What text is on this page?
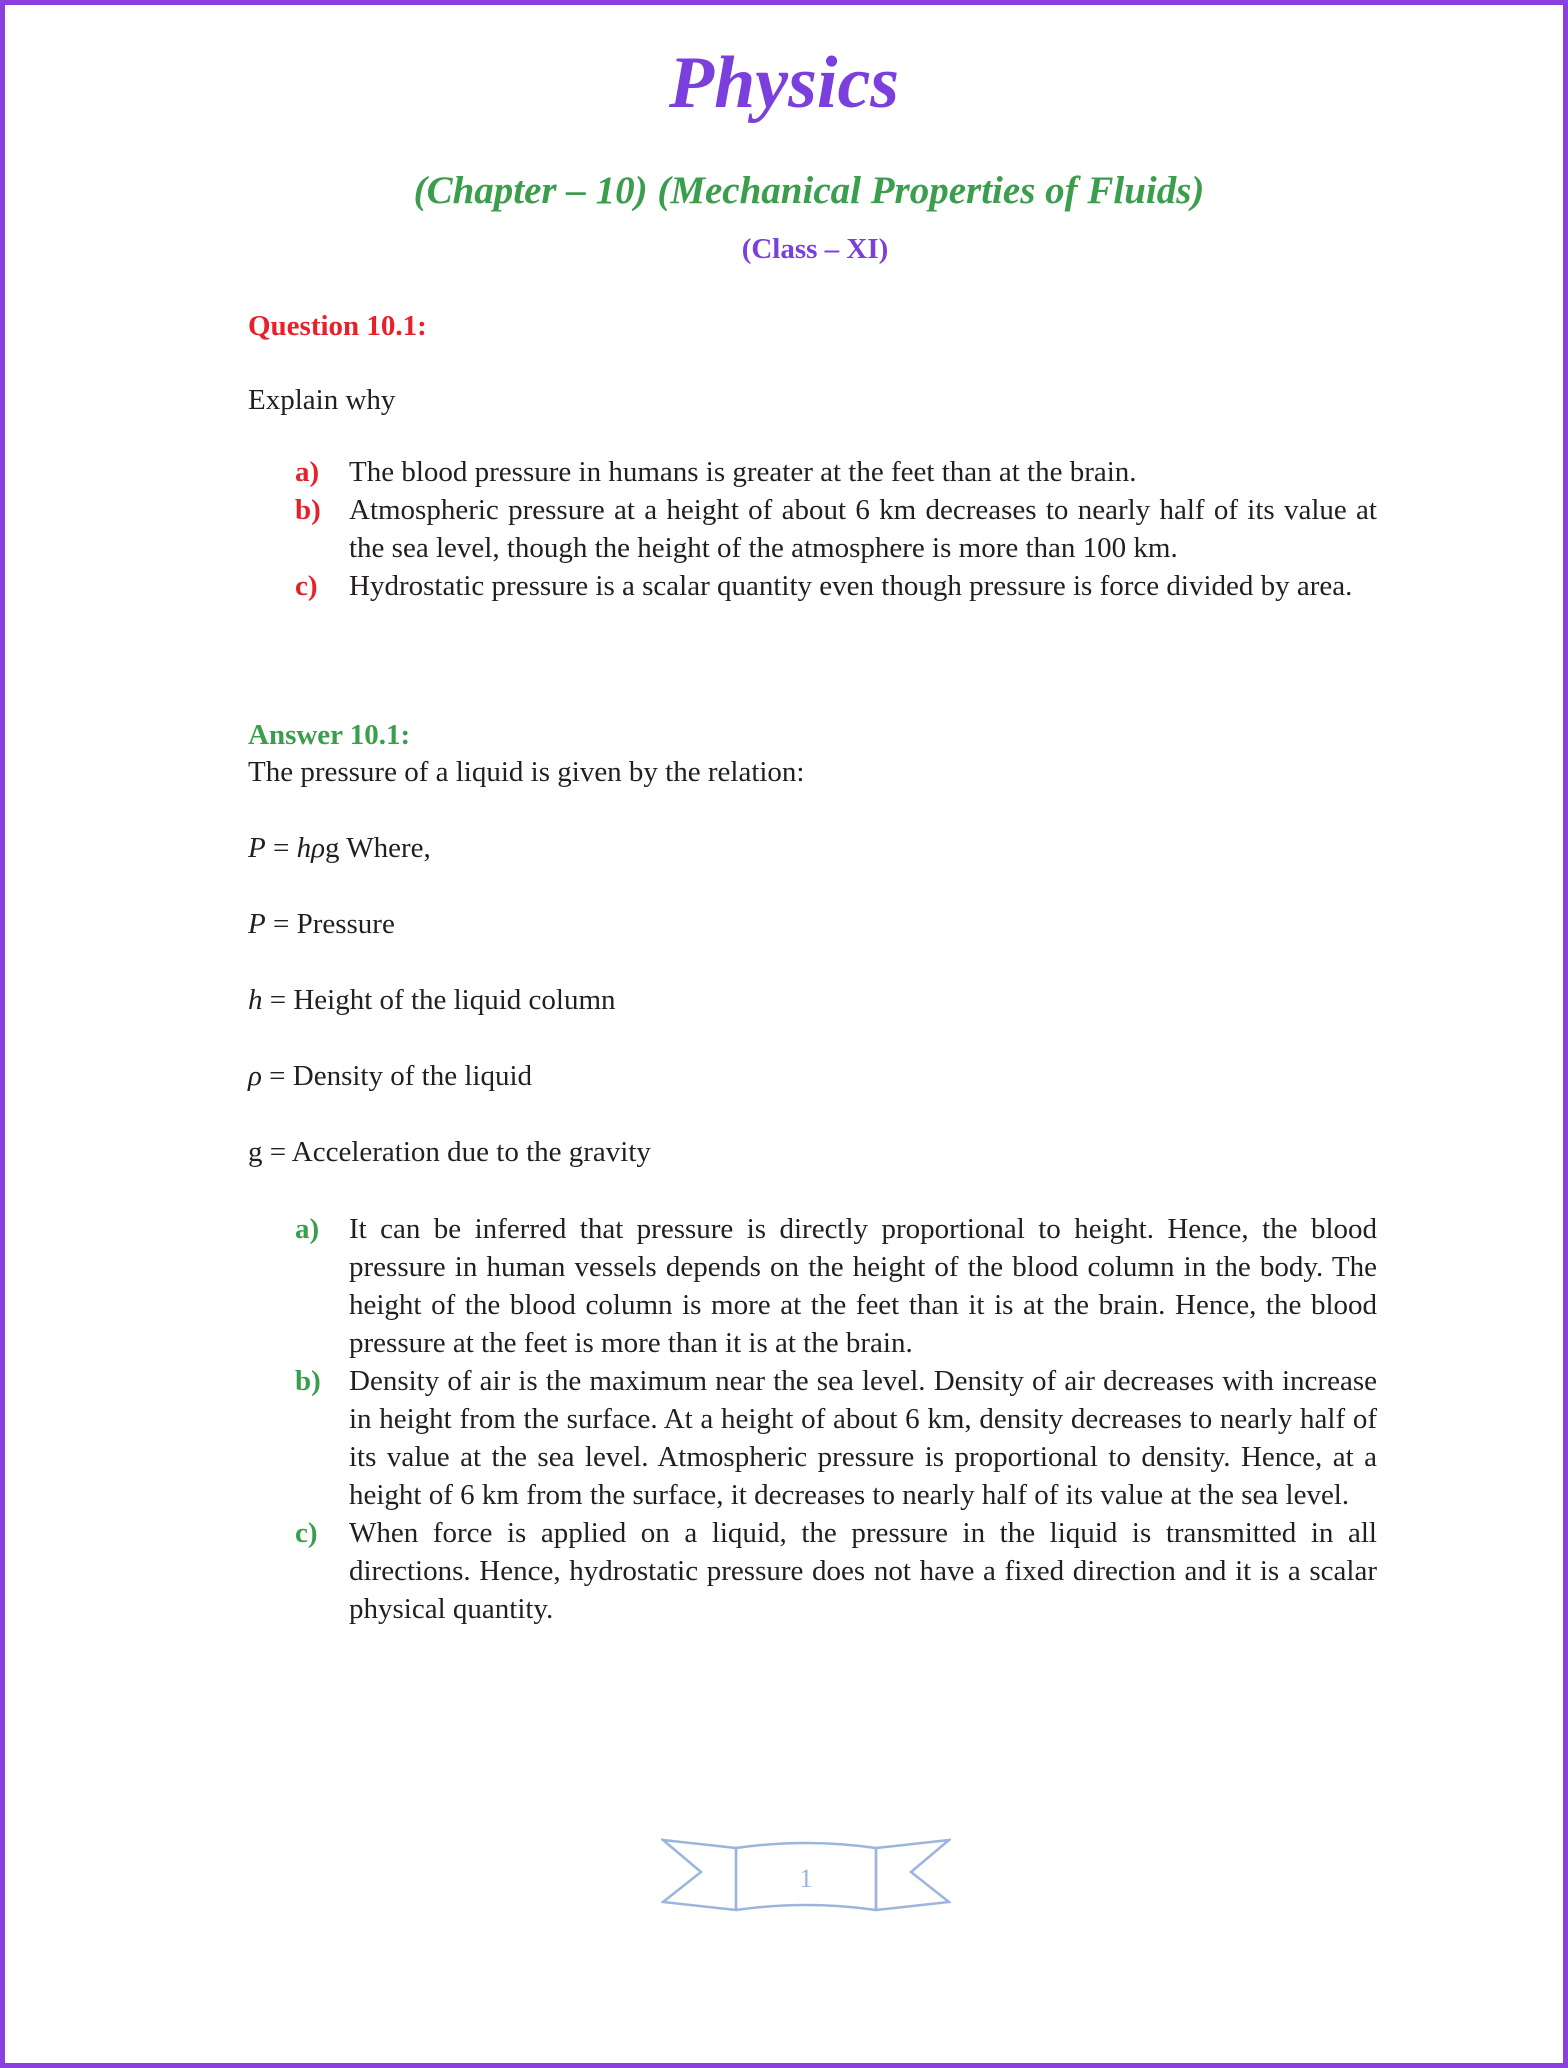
Physics
(Chapter – 10) (Mechanical Properties of Fluids)
(Class – XI)
Question 10.1:
Explain why
a) The blood pressure in humans is greater at the feet than at the brain.
b) Atmospheric pressure at a height of about 6 km decreases to nearly half of its value at the sea level, though the height of the atmosphere is more than 100 km.
c) Hydrostatic pressure is a scalar quantity even though pressure is force divided by area.
Answer 10.1:
The pressure of a liquid is given by the relation:
P = hρg Where,
P = Pressure
h = Height of the liquid column
ρ = Density of the liquid
g = Acceleration due to the gravity
a) It can be inferred that pressure is directly proportional to height. Hence, the blood pressure in human vessels depends on the height of the blood column in the body. The height of the blood column is more at the feet than it is at the brain. Hence, the blood pressure at the feet is more than it is at the brain.
b) Density of air is the maximum near the sea level. Density of air decreases with increase in height from the surface. At a height of about 6 km, density decreases to nearly half of its value at the sea level. Atmospheric pressure is proportional to density. Hence, at a height of 6 km from the surface, it decreases to nearly half of its value at the sea level.
c) When force is applied on a liquid, the pressure in the liquid is transmitted in all directions. Hence, hydrostatic pressure does not have a fixed direction and it is a scalar physical quantity.
1
